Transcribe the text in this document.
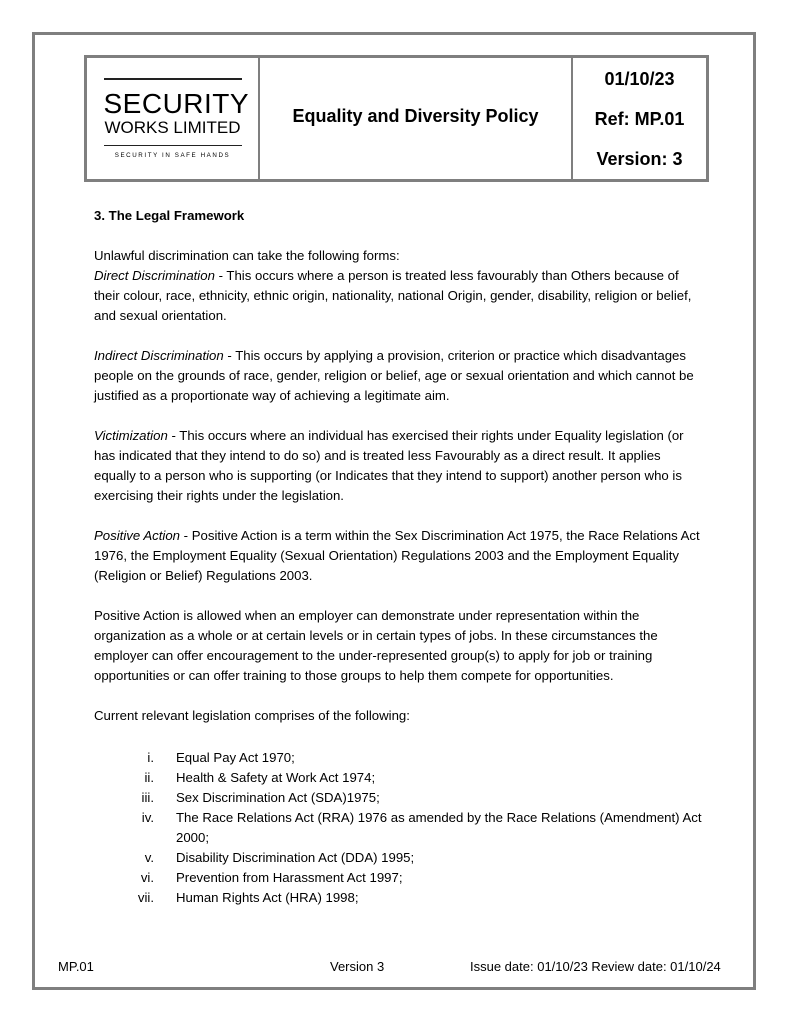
SECURITY
WORKS LIMITED
SECURITY IN SAFE HANDS
Equality and Diversity Policy
01/10/23
Ref: MP.01
Version: 3
3. The Legal Framework

Unlawful discrimination can take the following forms:

Direct Discrimination - This occurs where a person is treated less favourably than Others because of their colour, race, ethnicity, ethnic origin, nationality, national Origin, gender, disability, religion or belief, and sexual orientation.

Indirect Discrimination - This occurs by applying a provision, criterion or practice which disadvantages people on the grounds of race, gender, religion or belief, age or sexual orientation and which cannot be justified as a proportionate way of achieving a legitimate aim.

Victimization - This occurs where an individual has exercised their rights under Equality legislation (or has indicated that they intend to do so) and is treated less Favourably as a direct result. It applies equally to a person who is supporting (or Indicates that they intend to support) another person who is exercising their rights under the legislation.

Positive Action - Positive Action is a term within the Sex Discrimination Act 1975, the Race Relations Act 1976, the Employment Equality (Sexual Orientation) Regulations 2003 and the Employment Equality (Religion or Belief) Regulations 2003.

Positive Action is allowed when an employer can demonstrate under representation within the organization as a whole or at certain levels or in certain types of jobs. In these circumstances the employer can offer encouragement to the under-represented group(s) to apply for job or training opportunities or can offer training to those groups to help them compete for opportunities.

Current relevant legislation comprises of the following:

i.	Equal Pay Act 1970;
ii.	Health & Safety at Work Act 1974;
iii.	Sex Discrimination Act (SDA)1975;
iv.	The Race Relations Act (RRA) 1976 as amended by the Race Relations (Amendment) Act 2000;
v.	Disability Discrimination Act (DDA) 1995;
vi.	Prevention from Harassment Act 1997;
vii.	Human Rights Act (HRA) 1998;
MP.01	Version 3	Issue date: 01/10/23 Review date: 01/10/24
